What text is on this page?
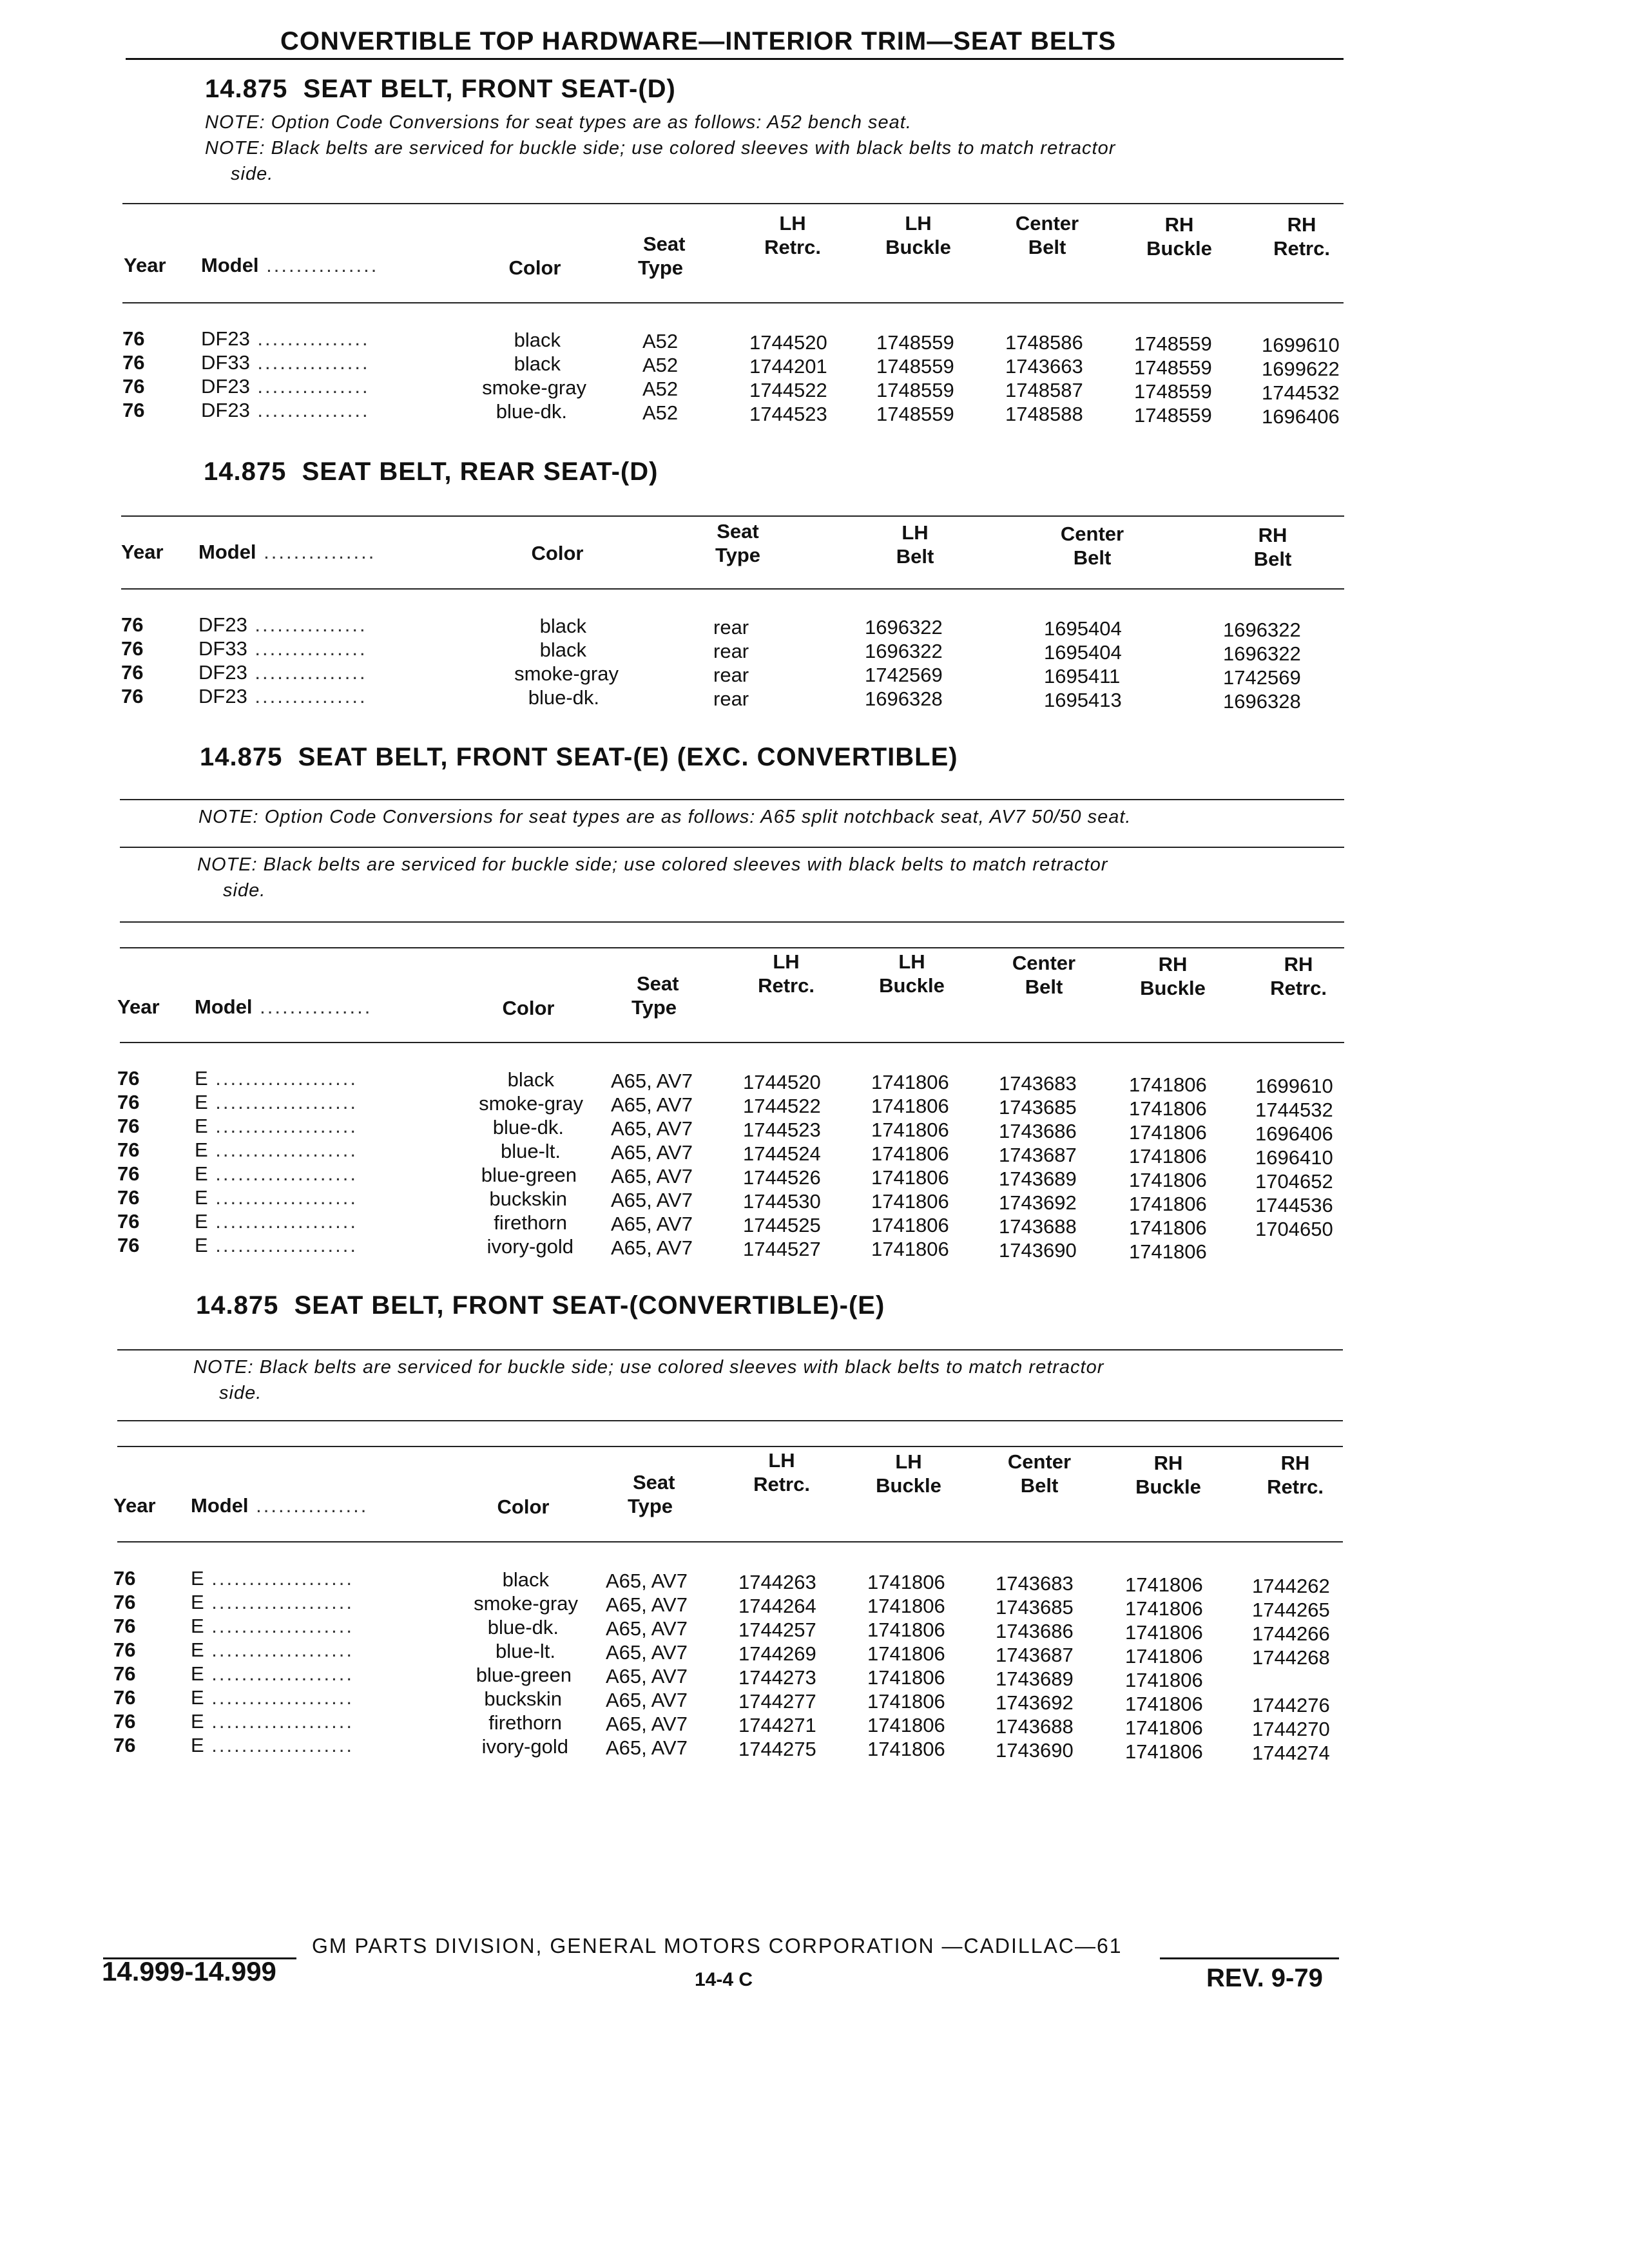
CONVERTIBLE TOP HARDWARE—INTERIOR TRIM—SEAT BELTS
14.875  SEAT BELT, FRONT SEAT-(D)
NOTE: Option Code Conversions for seat types are as follows: A52 bench seat.
NOTE: Black belts are serviced for buckle side; use colored sleeves with black belts to match retractor
side.
Year Model ...............	Color
Seat
Type
LH
Retrc.
LH
Buckle
Center
Belt
RH
Buckle
RH
Retrc.
76	DF23 ...............	black	A52	1744520 1748559	1748586	1748559 1699610
76	DF33 ...............	black	A52	1744201 1748559	1743663	1748559 1699622
76	DF23 ...............	smoke-gray	A52	1744522 1748559	1748587	1748559 1744532
76	DF23 ...............	blue-dk.	A52	1744523 1748559	1748588	1748559 1696406
14.875  SEAT BELT, REAR SEAT-(D)
Year Model ...............	Color
Seat
Type
LH
Belt
Center
Belt
RH
Belt
76	DF23 ...............	black	rear	1696322	1695404	1696322
76	DF33 ...............	black	rear	1696322	1695404	1696322
76	DF23 ...............	smoke-gray	rear	1742569	1695411	1742569
76	DF23 ...............	blue-dk.	rear	1696328	1695413	1696328
14.875  SEAT BELT, FRONT SEAT-(E) (EXC. CONVERTIBLE)
NOTE: Option Code Conversions for seat types are as follows: A65 split notchback seat, AV7 50/50 seat.
NOTE: Black belts are serviced for buckle side; use colored sleeves with black belts to match retractor
side.
Year Model ...............	Color
Seat
Type
LH
Retrc.
LH
Buckle
Center
Belt
RH
Buckle
RH
Retrc.
76	E ...................	black	A65, AV7	1744520	1741806 1743683	1741806 1699610
76	E ...................	smoke-gray A65, AV7	1744522	1741806 1743685	1741806 1744532
76	E ...................	blue-dk. A65, AV7	1744523	1741806 1743686	1741806 1696406
76	E ...................	blue-lt.	A65, AV7	1744524	1741806 1743687	1741806 1696410
76	E ...................	blue-green A65, AV7	1744526	1741806 1743689	1741806 1704652
76	E ...................	buckskin A65, AV7	1744530	1741806 1743692	1741806 1744536
76	E ...................	firethorn A65, AV7	1744525	1741806 1743688	1741806 1704650
76	E ...................	ivory-gold A65, AV7	1744527	1741806 1743690	1741806
14.875  SEAT BELT, FRONT SEAT-(CONVERTIBLE)-(E)
NOTE: Black belts are serviced for buckle side; use colored sleeves with black belts to match retractor
side.
Year Model ...............	Color
Seat
Type
LH
Retrc.
LH
Buckle
Center
Belt
RH
Buckle
RH
Retrc.
76	E ...................	black	A65, AV7	1744263	1741806	1743683	1741806 1744262
76	E ...................	smoke-gray A65, AV7	1744264	1741806	1743685	1741806 1744265
76	E ...................	blue-dk. A65, AV7	1744257	1741806	1743686	1741806 1744266
76	E ...................	blue-lt.	A65, AV7	1744269	1741806	1743687	1741806 1744268
76	E ...................	blue-green A65, AV7	1744273	1741806	1743689	1741806
76	E ...................	buckskin A65, AV7	1744277	1741806	1743692	1741806 1744276
76	E ...................	firethorn A65, AV7	1744271	1741806	1743688	1741806 1744270
76	E ...................	ivory-gold A65, AV7	1744275	1741806	1743690	1741806 1744274
GM PARTS DIVISION, GENERAL MOTORS CORPORATION —CADILLAC—61
14.999-14.999	14-4 C	REV. 9-79
